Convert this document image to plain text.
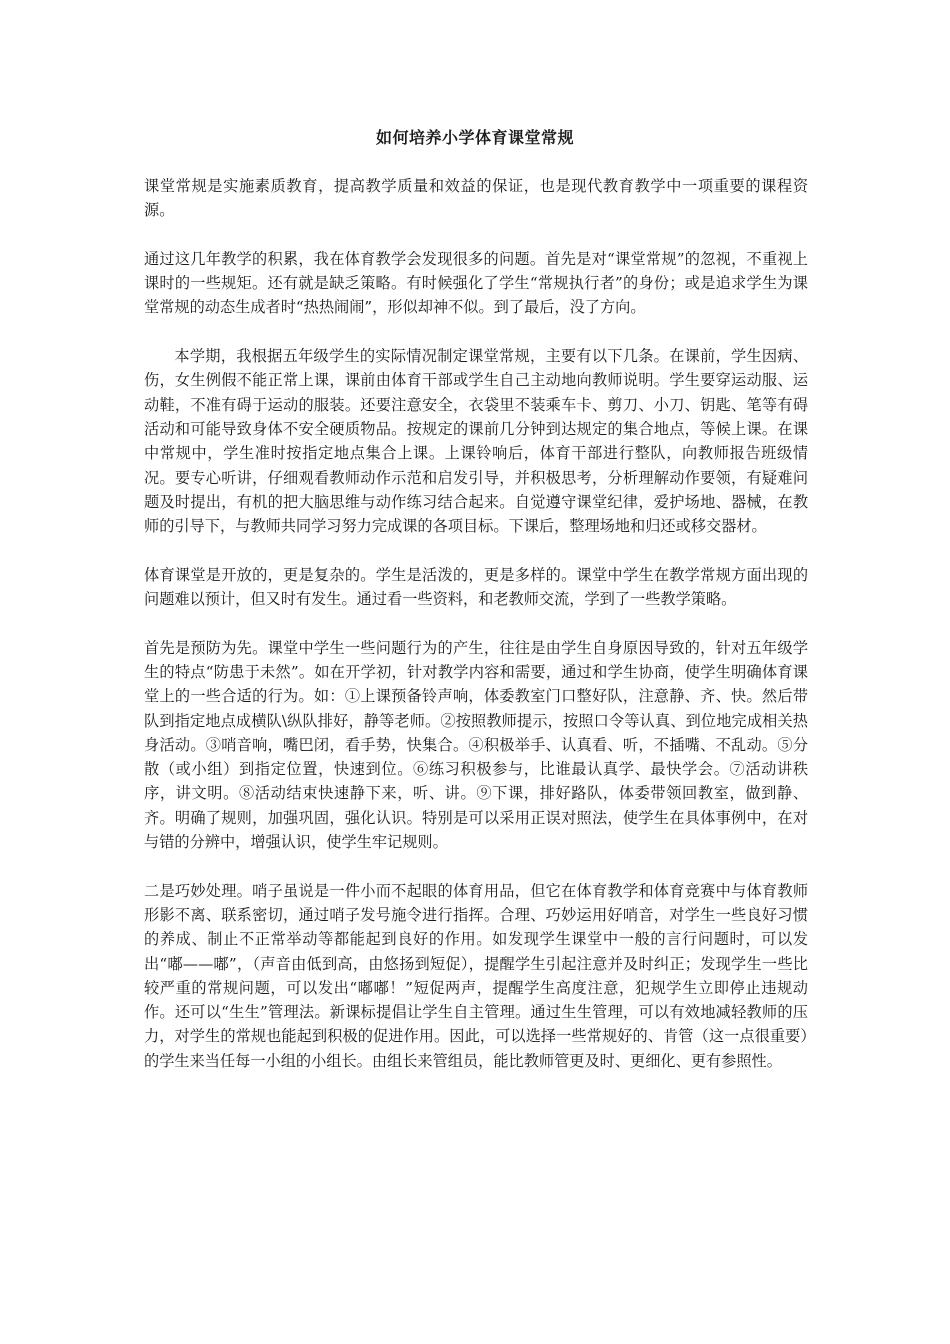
如何培养小学体育课堂常规

课堂常规是实施素质教育，提高教学质量和效益的保证，也是现代教育教学中一项重要的课程资源。

通过这几年教学的积累，我在体育教学会发现很多的问题。首先是对“课堂常规”的忽视，不重视上课时的一些规矩。还有就是缺乏策略。有时候强化了学生“常规执行者”的身份；或是追求学生为课堂常规的动态生成者时“热热闹闹”，形似却神不似。到了最后，没了方向。

本学期，我根据五年级学生的实际情况制定课堂常规，主要有以下几条。在课前，学生因病、伤，女生例假不能正常上课，课前由体育干部或学生自己主动地向教师说明。学生要穿运动服、运动鞋，不准有碍于运动的服装。还要注意安全，衣袋里不装乘车卡、剪刀、小刀、钥匙、笔等有碍活动和可能导致身体不安全硬质物品。按规定的课前几分钟到达规定的集合地点，等候上课。在课中常规中，学生准时按指定地点集合上课。上课铃响后，体育干部进行整队，向教师报告班级情况。要专心听讲，仔细观看教师动作示范和启发引导，并积极思考，分析理解动作要领，有疑难问题及时提出，有机的把大脑思维与动作练习结合起来。自觉遵守课堂纪律，爱护场地、器械，在教师的引导下，与教师共同学习努力完成课的各项目标。下课后，整理场地和归还或移交器材。

体育课堂是开放的，更是复杂的。学生是活泼的，更是多样的。课堂中学生在教学常规方面出现的问题难以预计，但又时有发生。通过看一些资料，和老教师交流，学到了一些教学策略。

首先是预防为先。课堂中学生一些问题行为的产生，往往是由学生自身原因导致的，针对五年级学生的特点“防患于未然”。如在开学初，针对教学内容和需要，通过和学生协商，使学生明确体育课堂上的一些合适的行为。如：①上课预备铃声响，体委教室门口整好队，注意静、齐、快。然后带队到指定地点成横队\纵队排好，静等老师。②按照教师提示，按照口令等认真、到位地完成相关热身活动。③哨音响，嘴巴闭，看手势，快集合。④积极举手、认真看、听，不插嘴、不乱动。⑤分散（或小组）到指定位置，快速到位。⑥练习积极参与，比谁最认真学、最快学会。⑦活动讲秩序，讲文明。⑧活动结束快速静下来，听、讲。⑨下课，排好路队，体委带领回教室，做到静、齐。明确了规则，加强巩固，强化认识。特别是可以采用正误对照法，使学生在具体事例中，在对与错的分辨中，增强认识，使学生牢记规则。

二是巧妙处理。哨子虽说是一件小而不起眼的体育用品，但它在体育教学和体育竞赛中与体育教师形影不离、联系密切，通过哨子发号施令进行指挥。合理、巧妙运用好哨音，对学生一些良好习惯的养成、制止不正常举动等都能起到良好的作用。如发现学生课堂中一般的言行问题时，可以发出“嘟——嘟”，（声音由低到高，由悠扬到短促），提醒学生引起注意并及时纠正；发现学生一些比较严重的常规问题，可以发出“嘟嘟！”短促两声，提醒学生高度注意，犯规学生立即停止违规动作。还可以“生生”管理法。新课标提倡让学生自主管理。通过生生管理，可以有效地减轻教师的压力，对学生的常规也能起到积极的促进作用。因此，可以选择一些常规好的、肯管（这一点很重要）的学生来当任每一小组的小组长。由组长来管组员，能比教师管更及时、更细化、更有参照性。
